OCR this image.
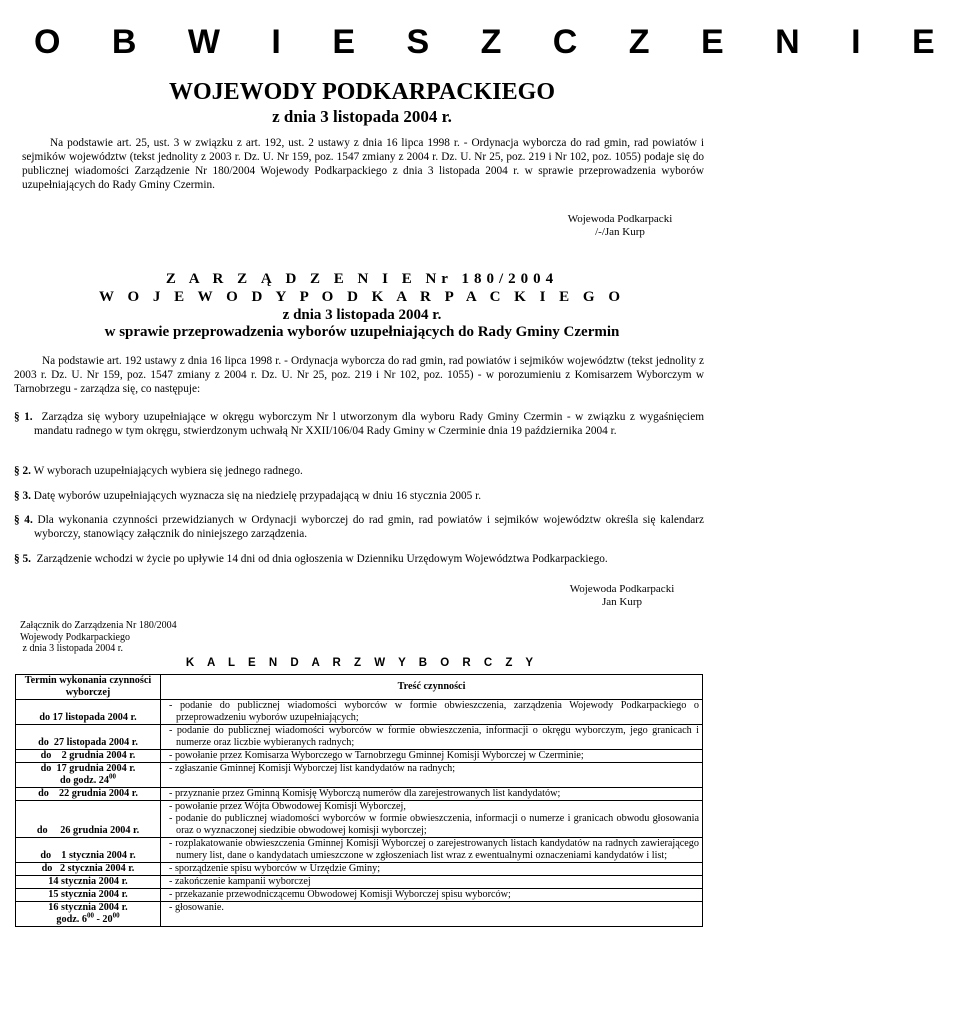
O B W I E S Z C Z E N I E
WOJEWODY PODKARPACKIEGO
z dnia 3 listopada 2004 r.
Na podstawie art. 25, ust. 3 w związku z art. 192, ust. 2 ustawy z dnia 16 lipca 1998 r. - Ordynacja wyborcza do rad gmin, rad powiatów i sejmików województw (tekst jednolity z 2003 r. Dz. U. Nr 159, poz. 1547 zmiany z 2004 r. Dz. U. Nr 25, poz. 219 i Nr 102, poz. 1055) podaje się do publicznej wiadomości Zarządzenie Nr 180/2004 Wojewody Podkarpackiego z dnia 3 listopada 2004 r. w sprawie przeprowadzenia wyborów uzupełniających do Rady Gminy Czermin.
Wojewoda Podkarpacki
/-/Jan Kurp
Z A R Z Ą D Z E N I E Nr 180/2004
W O J E W O D Y P O D K A R P A C K I E G O
z dnia 3 listopada 2004 r.
w sprawie przeprowadzenia wyborów uzupełniających do Rady Gminy Czermin
Na podstawie art. 192 ustawy z dnia 16 lipca 1998 r. - Ordynacja wyborcza do rad gmin, rad powiatów i sejmików województw (tekst jednolity z 2003 r. Dz. U. Nr 159, poz. 1547 zmiany z 2004 r. Dz. U. Nr 25, poz. 219 i Nr 102, poz. 1055) - w porozumieniu z Komisarzem Wyborczym w Tarnobrzegu - zarządza się, co następuje:
§ 1. Zarządza się wybory uzupełniające w okręgu wyborczym Nr l utworzonym dla wyboru Rady Gminy Czermin - w związku z wygaśnięciem mandatu radnego w tym okręgu, stwierdzonym uchwałą Nr XXII/106/04 Rady Gminy w Czerminie dnia 19 października 2004 r.
§ 2. W wyborach uzupełniających wybiera się jednego radnego.
§ 3. Datę wyborów uzupełniających wyznacza się na niedzielę przypadającą w dniu 16 stycznia 2005 r.
§ 4. Dla wykonania czynności przewidzianych w Ordynacji wyborczej do rad gmin, rad powiatów i sejmików województw określa się kalendarz wyborczy, stanowiący załącznik do niniejszego zarządzenia.
§ 5. Zarządzenie wchodzi w życie po upływie 14 dni od dnia ogłoszenia w Dzienniku Urzędowym Województwa Podkarpackiego.
Wojewoda Podkarpacki
Jan Kurp
Załącznik do Zarządzenia Nr 180/2004
Wojewody Podkarpackiego
z dnia 3 listopada 2004 r.
K A L E N D A R Z W Y B O R C Z Y
Termin wykonania czynności wyborczej	Treść czynności

do 17 listopada 2004 r.	- podanie do publicznej wiadomości wyborców w formie obwieszczenia, zarządzenia Wojewody Podkarpackiego o przeprowadzeniu wyborów uzupełniających;

do  27 listopada 2004 r.	- podanie do publicznej wiadomości wyborców w formie obwieszczenia, informacji o okręgu wyborczym, jego granicach i numerze oraz liczbie wybieranych radnych;

do    2 grudnia 2004 r.	- powołanie przez Komisarza Wyborczego w Tarnobrzegu Gminnej Komisji Wyborczej w Czerminie;

do  17 grudnia 2004 r.
do godz. $24^{00}$	- zgłaszanie Gminnej Komisji Wyborczej list kandydatów na radnych;

do    22 grudnia 2004 r.	- przyznanie przez Gminną Komisję Wyborczą numerów dla zarejestrowanych list kandydatów;

do     26 grudnia 2004 r.	- powołanie przez Wójta Obwodowej Komisji Wyborczej,
- podanie do publicznej wiadomości wyborców w formie obwieszczenia, informacji o numerze i granicach obwodu głosowania oraz o wyznaczonej siedzibie obwodowej komisji wyborczej;

do    1 stycznia 2004 r.	- rozplakatowanie obwieszczenia Gminnej Komisji Wyborczej o zarejestrowanych listach kandydatów na radnych zawierającego numery list, dane o kandydatach umieszczone w zgłoszeniach list wraz z ewentualnymi oznaczeniami kandydatów i list;

do   2 stycznia 2004 r.	- sporządzenie spisu wyborców w Urzędzie Gminy;

14 stycznia 2004 r.	- zakończenie kampanii wyborczej

15 stycznia 2004 r.	- przekazanie przewodniczącemu Obwodowej Komisji Wyborczej spisu wyborców;

16 stycznia 2004 r.
godz. $6^{00} - 20^{00}$	- głosowanie.
